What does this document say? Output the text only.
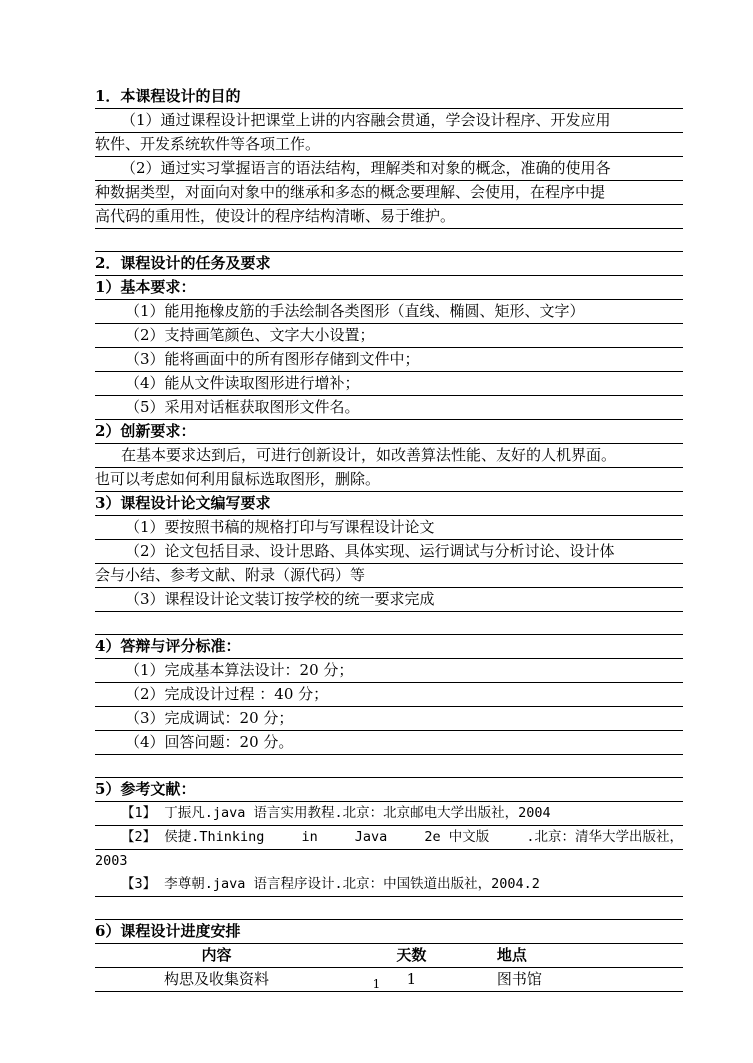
1．本课程设计的目的
（1）通过课程设计把课堂上讲的内容融会贯通，学会设计程序、开发应用
软件、开发系统软件等各项工作。
（2）通过实习掌握语言的语法结构，理解类和对象的概念，准确的使用各
种数据类型，对面向对象中的继承和多态的概念要理解、会使用，在程序中提
高代码的重用性，使设计的程序结构清晰、易于维护。
2．课程设计的任务及要求
1）基本要求：
（1）能用拖橡皮筋的手法绘制各类图形（直线、椭圆、矩形、文字）
（2）支持画笔颜色、文字大小设置；
（3）能将画面中的所有图形存储到文件中；
（4）能从文件读取图形进行增补；
（5）采用对话框获取图形文件名。
2）创新要求：
在基本要求达到后，可进行创新设计，如改善算法性能、友好的人机界面。
也可以考虑如何利用鼠标选取图形，删除。
3）课程设计论文编写要求
（1）要按照书稿的规格打印与写课程设计论文
（2）论文包括目录、设计思路、具体实现、运行调试与分析讨论、设计体
会与小结、参考文献、附录（源代码）等
（3）课程设计论文装订按学校的统一要求完成
4）答辩与评分标准：
（1）完成基本算法设计：20 分；
（2）完成设计过程 ：40 分；
（3）完成调试：20 分；
（4）回答问题：20 分。
5）参考文献：
【1】 丁振凡.java 语言实用教程.北京：北京邮电大学出版社，2004
【2】 侯捷.Thinking	in	Java	2e 中文版	.北京：清华大学出版社，
2003
【3】 李尊朝.java 语言程序设计.北京：中国铁道出版社，2004.2
6）课程设计进度安排
内容	天数	地点
构思及收集资料	1	图书馆
1
